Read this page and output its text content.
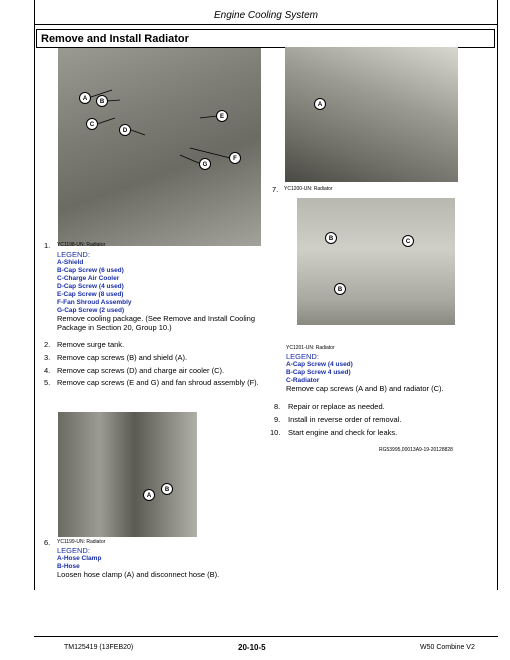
Engine Cooling System
Remove and Install Radiator
A	B
C
D
E
F
G
A
7. YC1200-UN: Radiator
B	C
B
1. YC1198-UN: Radiator
LEGEND:
A-Shield
B-Cap Screw (6 used)
C-Charge Air Cooler
D-Cap Screw (4 used)
E-Cap Screw (8 used)
F-Fan Shroud Assembly
G-Cap Screw (2 used)
Remove cooling package. (See Remove and Install Cooling
Package in Section 20, Group 10.)
2. Remove surge tank.
3. Remove cap screws (B) and shield (A).
4. Remove cap screws (D) and charge air cooler (C).
5. Remove cap screws (E and G) and fan shroud assembly (F).
YC1201-UN: Radiator
LEGEND:
A-Cap Screw (4 used)
B-Cap Screw 4 used)
C-Radiator
Remove cap screws (A and B) and radiator (C).
8. Repair or replace as needed.
9. Install in reverse order of removal.
10. Start engine and check for leaks.
RG53995,00013A9-19-20128828
A
B
6. YC1199-UN: Radiator
LEGEND:
A-Hose Clamp
B-Hose
Loosen hose clamp (A) and disconnect hose (B).
TM125419 (13FEB20)	20-10-5	W50 Combine V2
